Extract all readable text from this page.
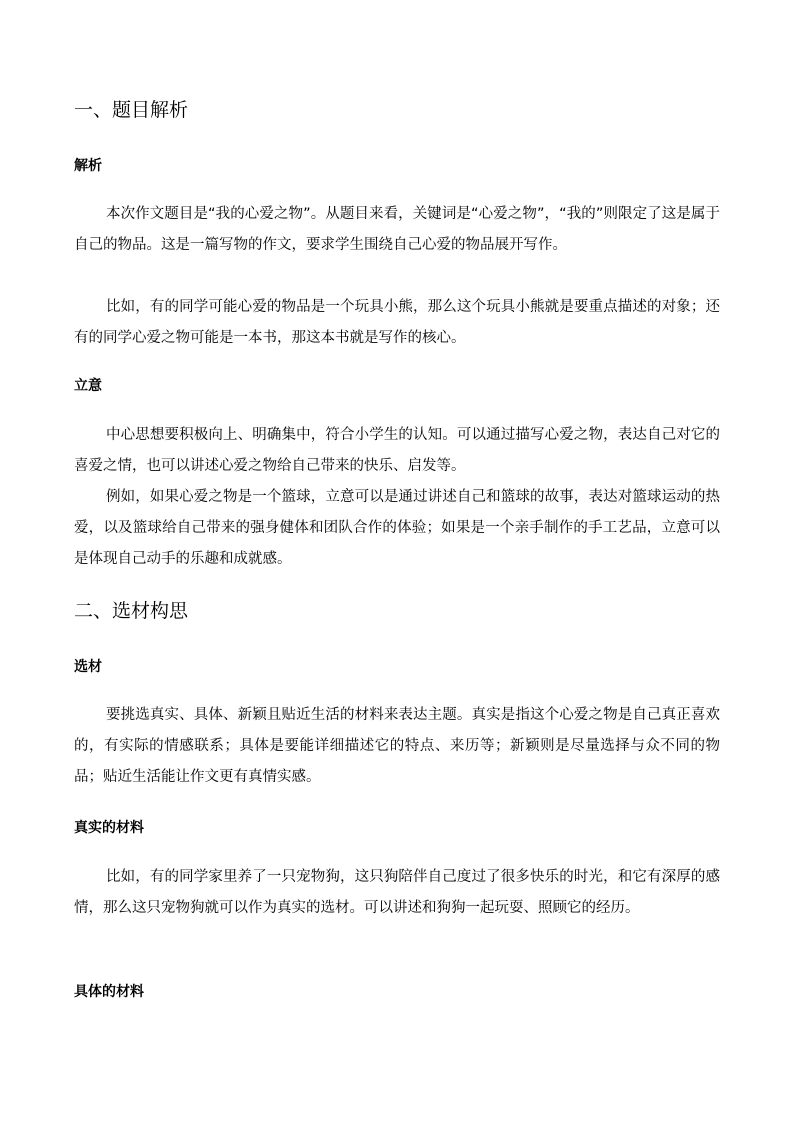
一、题目解析
解析

本次作文题目是“我的心爱之物”。从题目来看，关键词是“心爱之物”，“我的”则限定了这是属于自己的物品。这是一篇写物的作文，要求学生围绕自己心爱的物品展开写作。

比如，有的同学可能心爱的物品是一个玩具小熊，那么这个玩具小熊就是要重点描述的对象；还有的同学心爱之物可能是一本书，那这本书就是写作的核心。

立意

中心思想要积极向上、明确集中，符合小学生的认知。可以通过描写心爱之物，表达自己对它的喜爱之情，也可以讲述心爱之物给自己带来的快乐、启发等。

例如，如果心爱之物是一个篮球，立意可以是通过讲述自己和篮球的故事，表达对篮球运动的热爱，以及篮球给自己带来的强身健体和团队合作的体验；如果是一个亲手制作的手工艺品，立意可以是体现自己动手的乐趣和成就感。

二、选材构思
选材

要挑选真实、具体、新颖且贴近生活的材料来表达主题。真实是指这个心爱之物是自己真正喜欢的，有实际的情感联系；具体是要能详细描述它的特点、来历等；新颖则是尽量选择与众不同的物品；贴近生活能让作文更有真情实感。

真实的材料

比如，有的同学家里养了一只宠物狗，这只狗陪伴自己度过了很多快乐的时光，和它有深厚的感情，那么这只宠物狗就可以作为真实的选材。可以讲述和狗狗一起玩耍、照顾它的经历。

具体的材料
